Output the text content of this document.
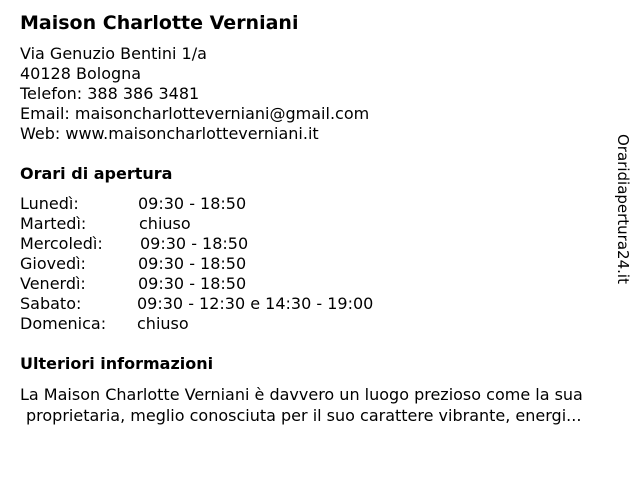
Maison Charlotte Verniani
Via Genuzio Bentini 1/a
40128 Bologna
Telefon: 388 386 3481
Email: maisoncharlotteverniani@gmail.com
Web: www.maisoncharlotteverniani.it
Orari di apertura
Lunedì:	09:30 - 18:50
Martedì:	chiuso
Mercoledì: 09:30 - 18:50
Giovedì:	09:30 - 18:50
Venerdì:	09:30 - 18:50
Sabato:	09:30 - 12:30 e 14:30 - 19:00
Domenica: chiuso
Ulteriori informazioni
La Maison Charlotte Verniani è davvero un luogo prezioso come la sua
proprietaria, meglio conosciuta per il suo carattere vibrante, energi...
Oraridiapertura24.it
